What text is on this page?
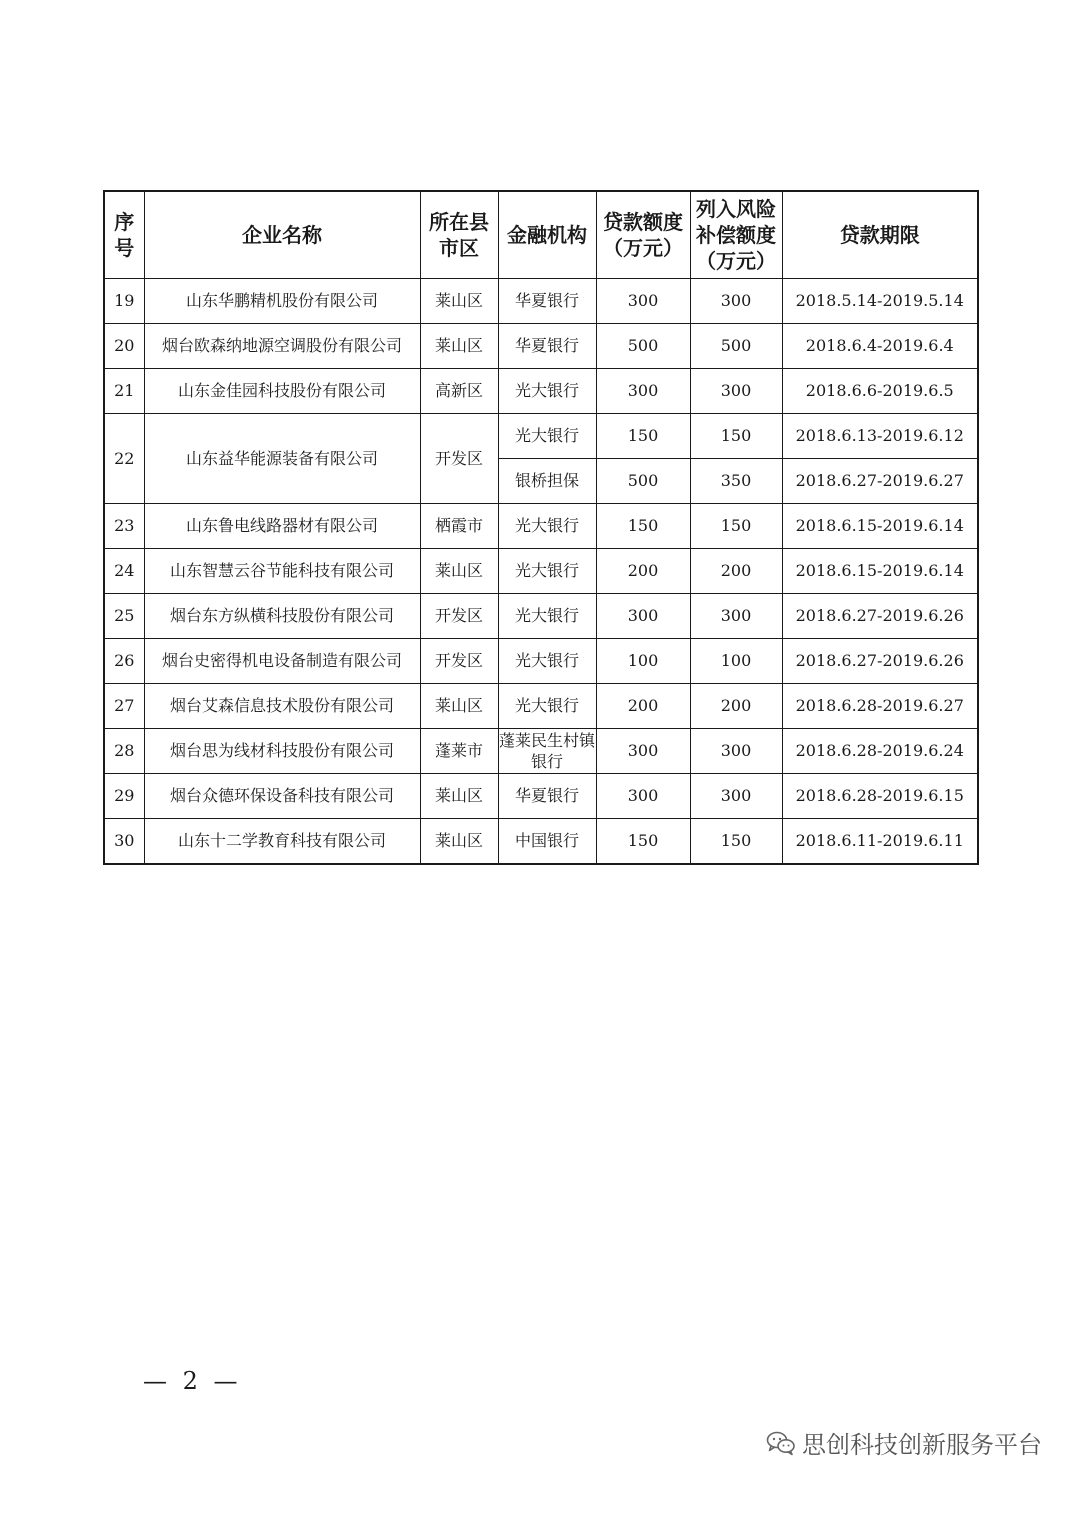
序号	企业名称	所在县市区	金融机构	贷款额度（万元）	列入风险补偿额度（万元）	贷款期限
19	山东华鹏精机股份有限公司	莱山区	华夏银行	300	300	2018.5.14-2019.5.14
20	烟台欧森纳地源空调股份有限公司	莱山区	华夏银行	500	500	2018.6.4-2019.6.4
21	山东金佳园科技股份有限公司	高新区	光大银行	300	300	2018.6.6-2019.6.5
22	山东益华能源装备有限公司	开发区	光大银行	150	150	2018.6.13-2019.6.12
			银桥担保	500	350	2018.6.27-2019.6.27
23	山东鲁电线路器材有限公司	栖霞市	光大银行	150	150	2018.6.15-2019.6.14
24	山东智慧云谷节能科技有限公司	莱山区	光大银行	200	200	2018.6.15-2019.6.14
25	烟台东方纵横科技股份有限公司	开发区	光大银行	300	300	2018.6.27-2019.6.26
26	烟台史密得机电设备制造有限公司	开发区	光大银行	100	100	2018.6.27-2019.6.26
27	烟台艾森信息技术股份有限公司	莱山区	光大银行	200	200	2018.6.28-2019.6.27
28	烟台思为线材科技股份有限公司	蓬莱市	蓬莱民生村镇银行	300	300	2018.6.28-2019.6.24
29	烟台众德环保设备科技有限公司	莱山区	华夏银行	300	300	2018.6.28-2019.6.15
30	山东十二学教育科技有限公司	莱山区	中国银行	150	150	2018.6.11-2019.6.11
— 2 —
思创科技创新服务平台
